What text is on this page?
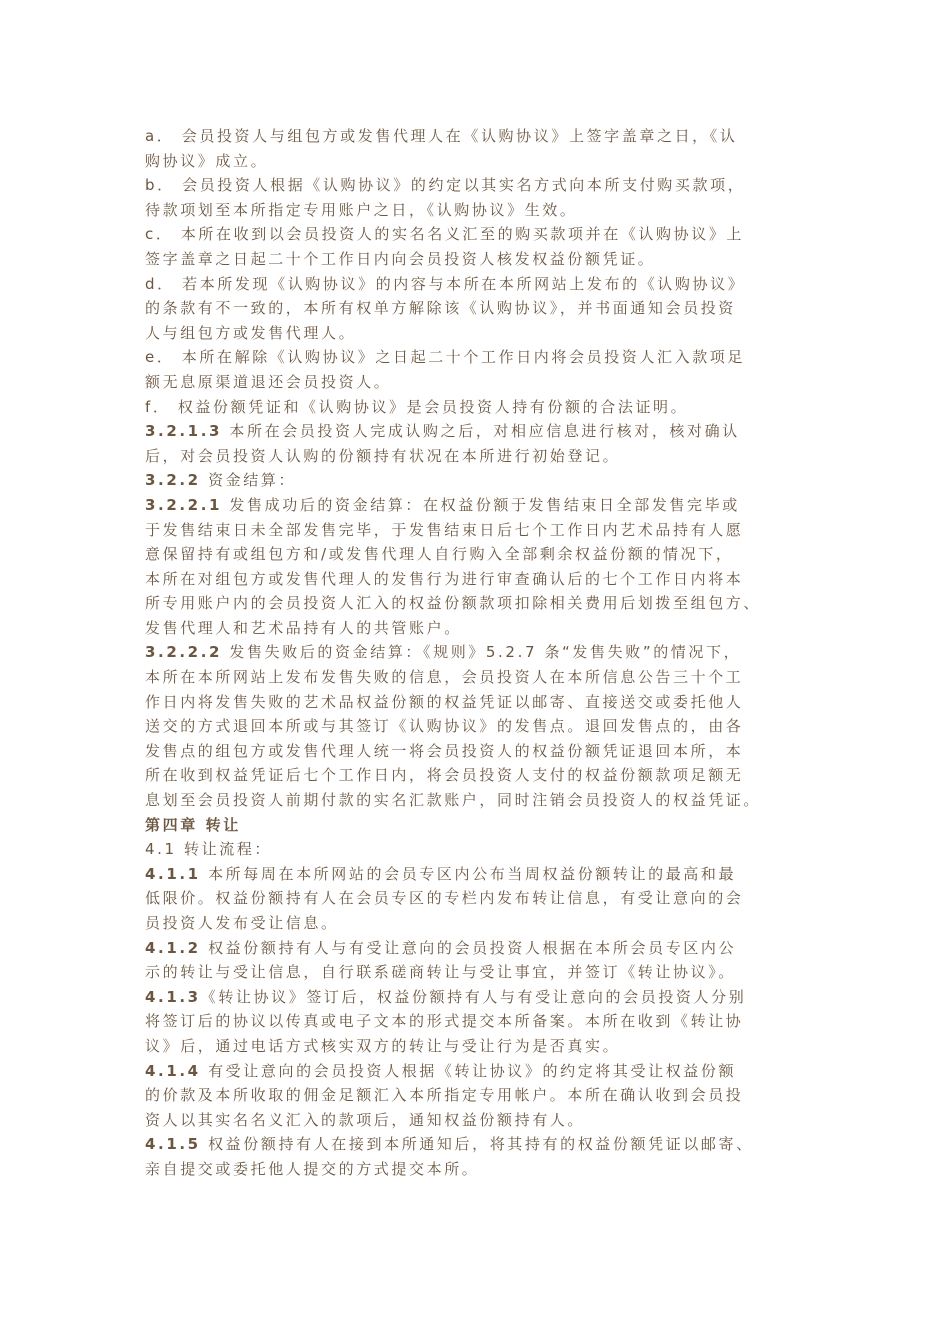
a． 会员投资人与组包方或发售代理人在《认购协议》上签字盖章之日，《认
购协议》成立。
b． 会员投资人根据《认购协议》的约定以其实名方式向本所支付购买款项，
待款项划至本所指定专用账户之日，《认购协议》生效。
c． 本所在收到以会员投资人的实名名义汇至的购买款项并在《认购协议》上
签字盖章之日起二十个工作日内向会员投资人核发权益份额凭证。
d． 若本所发现《认购协议》的内容与本所在本所网站上发布的《认购协议》
的条款有不一致的，本所有权单方解除该《认购协议》，并书面通知会员投资
人与组包方或发售代理人。
e． 本所在解除《认购协议》之日起二十个工作日内将会员投资人汇入款项足
额无息原渠道退还会员投资人。
f． 权益份额凭证和《认购协议》是会员投资人持有份额的合法证明。
3.2.1.3 本所在会员投资人完成认购之后，对相应信息进行核对，核对确认
后，对会员投资人认购的份额持有状况在本所进行初始登记。
3.2.2 资金结算：
3.2.2.1 发售成功后的资金结算：在权益份额于发售结束日全部发售完毕或
于发售结束日未全部发售完毕，于发售结束日后七个工作日内艺术品持有人愿
意保留持有或组包方和/或发售代理人自行购入全部剩余权益份额的情况下，
本所在对组包方或发售代理人的发售行为进行审查确认后的七个工作日内将本
所专用账户内的会员投资人汇入的权益份额款项扣除相关费用后划拨至组包方、
发售代理人和艺术品持有人的共管账户。
3.2.2.2 发售失败后的资金结算：《规则》5.2.7 条“发售失败”的情况下，
本所在本所网站上发布发售失败的信息，会员投资人在本所信息公告三十个工
作日内将发售失败的艺术品权益份额的权益凭证以邮寄、直接送交或委托他人
送交的方式退回本所或与其签订《认购协议》的发售点。退回发售点的，由各
发售点的组包方或发售代理人统一将会员投资人的权益份额凭证退回本所，本
所在收到权益凭证后七个工作日内，将会员投资人支付的权益份额款项足额无
息划至会员投资人前期付款的实名汇款账户，同时注销会员投资人的权益凭证。
第四章 转让
4.1 转让流程：
4.1.1 本所每周在本所网站的会员专区内公布当周权益份额转让的最高和最
低限价。权益份额持有人在会员专区的专栏内发布转让信息，有受让意向的会
员投资人发布受让信息。
4.1.2 权益份额持有人与有受让意向的会员投资人根据在本所会员专区内公
示的转让与受让信息，自行联系磋商转让与受让事宜，并签订《转让协议》。
4.1.3《转让协议》签订后，权益份额持有人与有受让意向的会员投资人分别
将签订后的协议以传真或电子文本的形式提交本所备案。本所在收到《转让协
议》后，通过电话方式核实双方的转让与受让行为是否真实。
4.1.4 有受让意向的会员投资人根据《转让协议》的约定将其受让权益份额
的价款及本所收取的佣金足额汇入本所指定专用帐户。本所在确认收到会员投
资人以其实名名义汇入的款项后，通知权益份额持有人。
4.1.5 权益份额持有人在接到本所通知后，将其持有的权益份额凭证以邮寄、
亲自提交或委托他人提交的方式提交本所。
